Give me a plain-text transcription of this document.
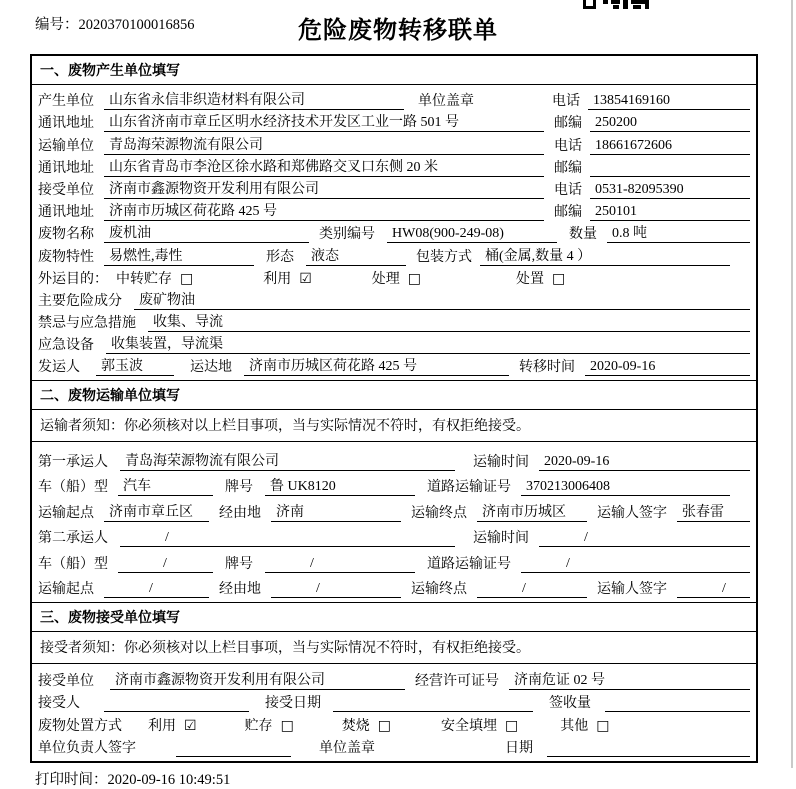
编号：2020370100016856	危险废物转移联单
一、废物产生单位填写
产生单位	山东省永信非织造材料有限公司	单位盖章	电话 13854169160
通讯地址	山东省济南市章丘区明水经济技术开发区工业一路 501 号	邮编 250200
运输单位	青岛海荣源物流有限公司	电话 18661672606
通讯地址	山东省青岛市李沧区徐水路和郑佛路交叉口东侧 20 米	邮编
接受单位	济南市鑫源物资开发利用有限公司	电话 0531-82095390
通讯地址	济南市历城区荷花路 425 号	邮编 250101
废物名称	废机油	类别编号	HW08(900-249-08)	数量	0.8 吨
废物特性	易燃性,毒性	形态	液态	包装方式 桶(金属,数量 4 ）
外运目的： 中转贮存 □	利用 ☑	处理 □	处置 □
主要危险成分	废矿物油
禁忌与应急措施	收集、导流
应急设备	收集装置，导流渠
发运人	郭玉波	运达地	济南市历城区荷花路 425 号	转移时间	2020-09-16
二、废物运输单位填写
运输者须知：你必须核对以上栏目事项，当与实际情况不符时，有权拒绝接受。
第一承运人	青岛海荣源物流有限公司	运输时间	2020-09-16
车（船）型	汽车	牌号	鲁 UK8120	道路运输证号	370213006408
运输起点	济南市章丘区	经由地	济南	运输终点	济南市历城区	运输人签字	张春雷
第二承运人	/	运输时间	/
车（船）型	/	牌号	/	道路运输证号	/
运输起点	/	经由地	/	运输终点	/	运输人签字	/
三、废物接受单位填写
接受者须知：你必须核对以上栏目事项，当与实际情况不符时，有权拒绝接受。
接受单位	济南市鑫源物资开发利用有限公司	经营许可证号	济南危证 02 号
接受人	接受日期	签收量
废物处置方式 利用 ☑	贮存 □	焚烧 □	安全填埋 □	其他 □
单位负责人签字	单位盖章	日期
打印时间：2020-09-16 10:49:51
